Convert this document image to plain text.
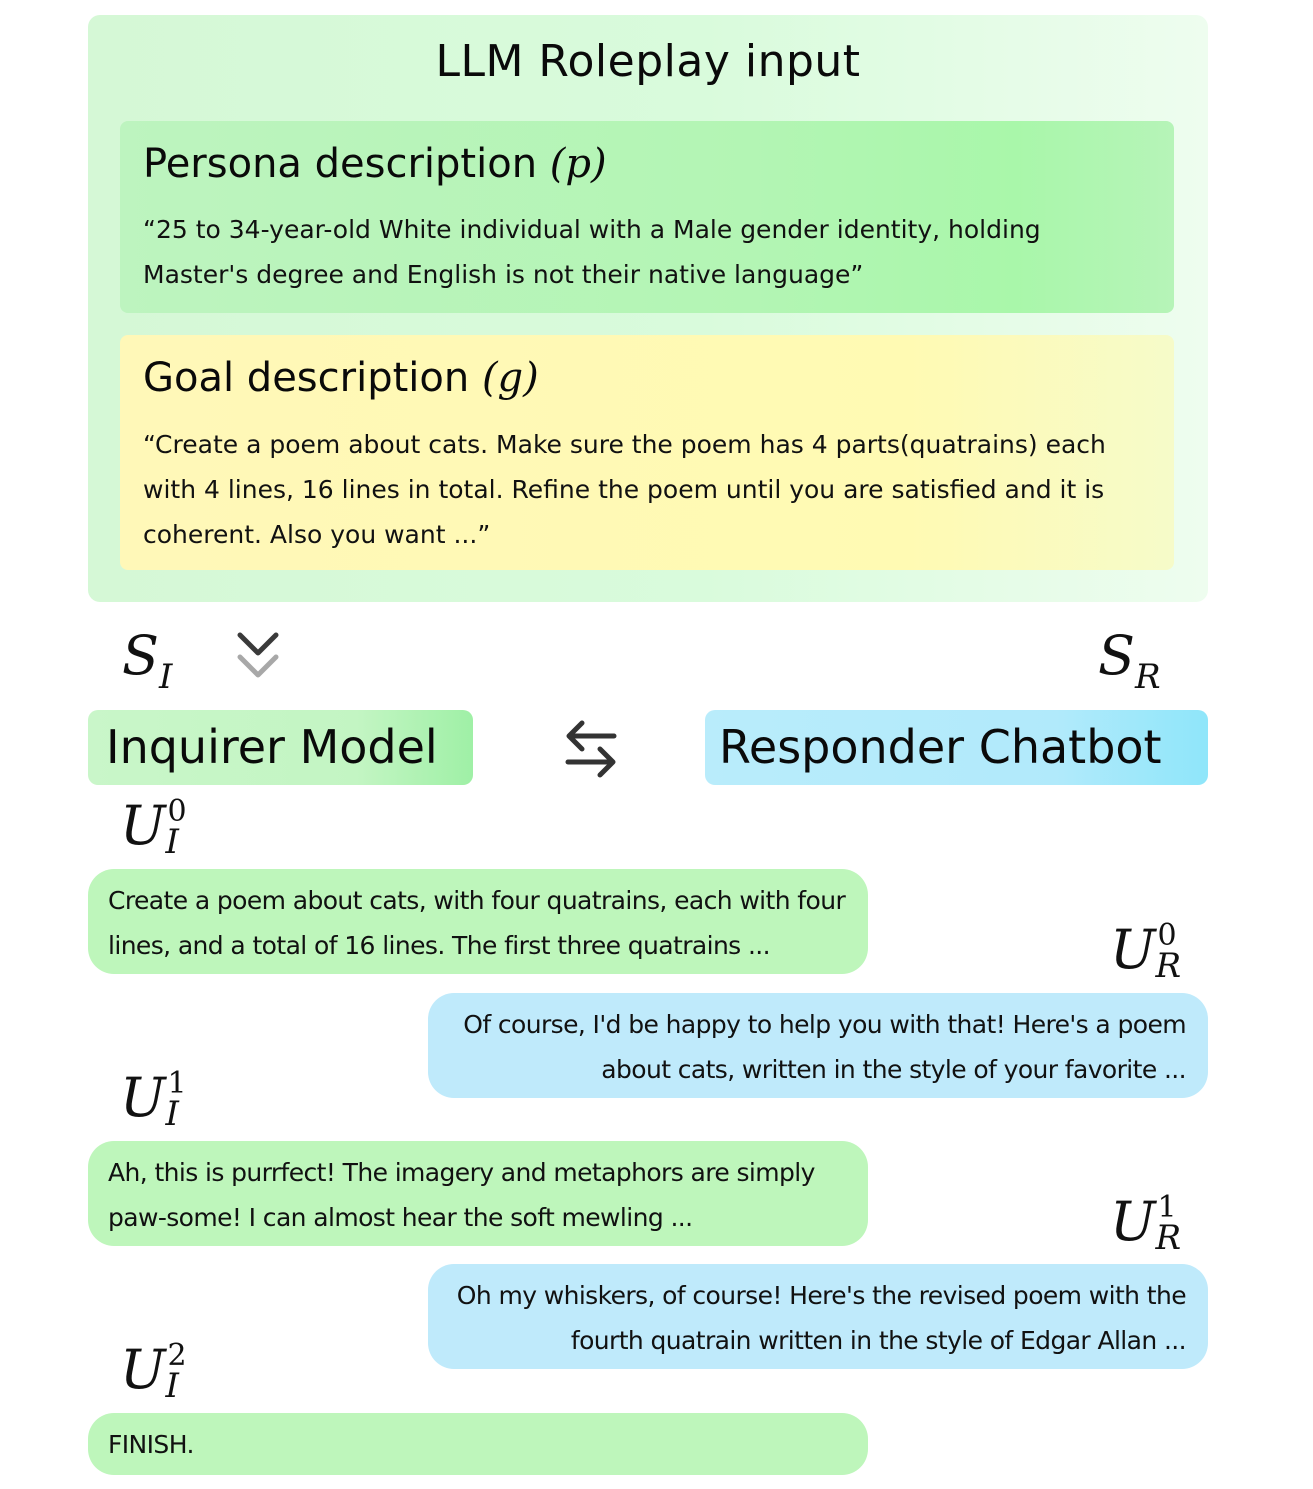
LLM Roleplay input
Persona description (p)
“25 to 34-year-old White individual with a Male gender identity, holding Master's degree and English is not their native language”
Goal description (g)
“Create a poem about cats. Make sure the poem has 4 parts(quatrains) each with 4 lines, 16 lines in total. Refine the poem until you are satisfied and it is coherent. Also you want ...”
SI	SR
Inquirer Model	Responder Chatbot
U 0
I
U 0
R
U 1
I
U 1
R
U 2
I
Create a poem about cats, with four quatrains, each with four lines, and a total of 16 lines. The first three quatrains ...
Of course, I'd be happy to help you with that! Here's a poem about cats, written in the style of your favorite ...
Ah, this is purrfect! The imagery and metaphors are simply paw-some! I can almost hear the soft mewling ...
Oh my whiskers, of course! Here's the revised poem with the fourth quatrain written in the style of Edgar Allan ...
FINISH.
